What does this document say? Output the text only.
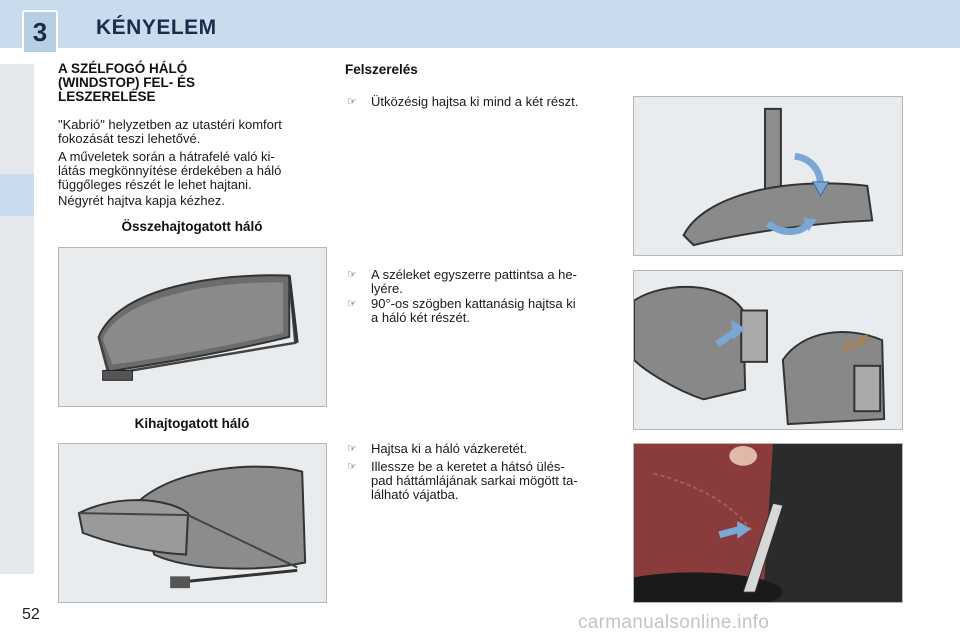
3	KÉNYELEM
A SZÉLFOGÓ HÁLÓ
(WINDSTOP) FEL- ÉS
LESZERELÉSE
"Kabrió" helyzetben az utastéri komfort
fokozását teszi lehetővé.
A műveletek során a hátrafelé való ki-
látás megkönnyítése érdekében a háló
függőleges részét le lehet hajtani.
Négyrét hajtva kapja kézhez.
Összehajtogatott háló
Kihajtogatott háló
Felszerelés
☞	Ütközésig hajtsa ki mind a két részt.
☞	A széleket egyszerre pattintsa a he-
lyére.
☞	90°-os szögben kattanásig hajtsa ki
a háló két részét.
☞	Hajtsa ki a háló vázkeretét.
☞	Illessze be a keretet a hátsó ülés-
pad háttámlájának sarkai mögött ta-
lálható vájatba.
CLIC
52	carmanualsonline.info
